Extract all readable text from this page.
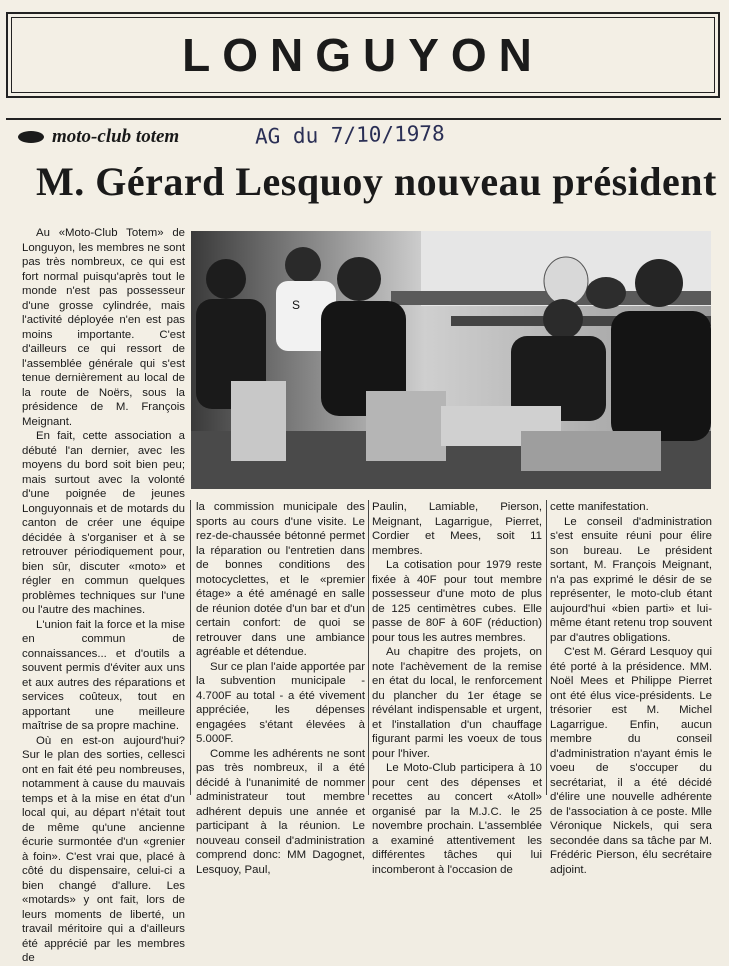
LONGUYON
moto-club totem	AG du 7/10/1978
M. Gérard Lesquoy nouveau président

Au «Moto-Club Totem» de Longuyon, les membres ne sont pas très nombreux, ce qui est fort normal puisqu'après tout le monde n'est pas possesseur d'une grosse cylindrée, mais l'activité déployée n'en est pas moins importante. C'est d'ailleurs ce qui ressort de l'assemblée générale qui s'est tenue dernièrement au local de la route de Noërs, sous la présidence de M. François Meignant.

En fait, cette association a débuté l'an dernier, avec les moyens du bord soit bien peu; mais surtout avec la volonté d'une poignée de jeunes Longuyonnais et de motards du canton de créer une équipe décidée à s'organiser et à se retrouver périodiquement pour, bien sûr, discuter «moto» et régler en commun quelques problèmes techniques sur l'une ou l'autre des machines.

L'union fait la force et la mise en commun de connaissances... et d'outils a souvent permis d'éviter aux uns et aux autres des réparations et services coûteux, tout en apportant une meilleure maîtrise de sa propre machine.

Où en est-on aujourd'hui? Sur le plan des sorties, cellesci ont en fait été peu nombreuses, notamment à cause du mauvais temps et à la mise en état d'un local qui, au départ n'était tout de même qu'une ancienne écurie surmontée d'un «grenier à foin». C'est vrai que, placé à côté du dispensaire, celui-ci a bien changé d'allure. Les «motards» y ont fait, lors de leurs moments de liberté, un travail méritoire qui a d'ailleurs été apprécié par les membres de

S

la commission municipale des sports au cours d'une visite. Le rez-de-chaussée bétonné permet la réparation ou l'entretien dans de bonnes conditions des motocyclettes, et le «premier étage» a été aménagé en salle de réunion dotée d'un bar et d'un certain confort: de quoi se retrouver dans une ambiance agréable et détendue.

Sur ce plan l'aide apportée par la subvention municipale - 4.700F au total - a été vivement appréciée, les dépenses engagées s'étant élevées à 5.000F.

Comme les adhérents ne sont pas très nombreux, il a été décidé à l'unanimité de nommer administrateur tout membre adhérent depuis une année et participant à la réunion. Le nouveau conseil d'administration comprend donc: MM Dagognet, Lesquoy, Paul,

Paulin, Lamiable, Pierson, Meignant, Lagarrigue, Pierret, Cordier et Mees, soit 11 membres.

La cotisation pour 1979 reste fixée à 40F pour tout membre possesseur d'une moto de plus de 125 centimètres cubes. Elle passe de 80F à 60F (réduction) pour tous les autres membres.

Au chapitre des projets, on note l'achèvement de la remise en état du local, le renforcement du plancher du 1er étage se révélant indispensable et urgent, et l'installation d'un chauffage figurant parmi les voeux de tous pour l'hiver.

Le Moto-Club participera à 10 pour cent des dépenses et recettes au concert «Atoll» organisé par la M.J.C. le 25 novembre prochain. L'assemblée a examiné attentivement les différentes tâches qui lui incomberont à l'occasion de

cette manifestation.

Le conseil d'administration s'est ensuite réuni pour élire son bureau. Le président sortant, M. François Meignant, n'a pas exprimé le désir de se représenter, le moto-club étant aujourd'hui «bien parti» et lui-même étant retenu trop souvent par d'autres obligations.

C'est M. Gérard Lesquoy qui été porté à la présidence. MM. Noël Mees et Philippe Pierret ont été élus vice-présidents. Le trésorier est M. Michel Lagarrigue. Enfin, aucun membre du conseil d'administration n'ayant émis le voeu de s'occuper du secrétariat, il a été décidé d'élire une nouvelle adhérente de l'association à ce poste. Mlle Véronique Nickels, qui sera secondée dans sa tâche par M. Frédéric Pierson, élu secrétaire adjoint.
